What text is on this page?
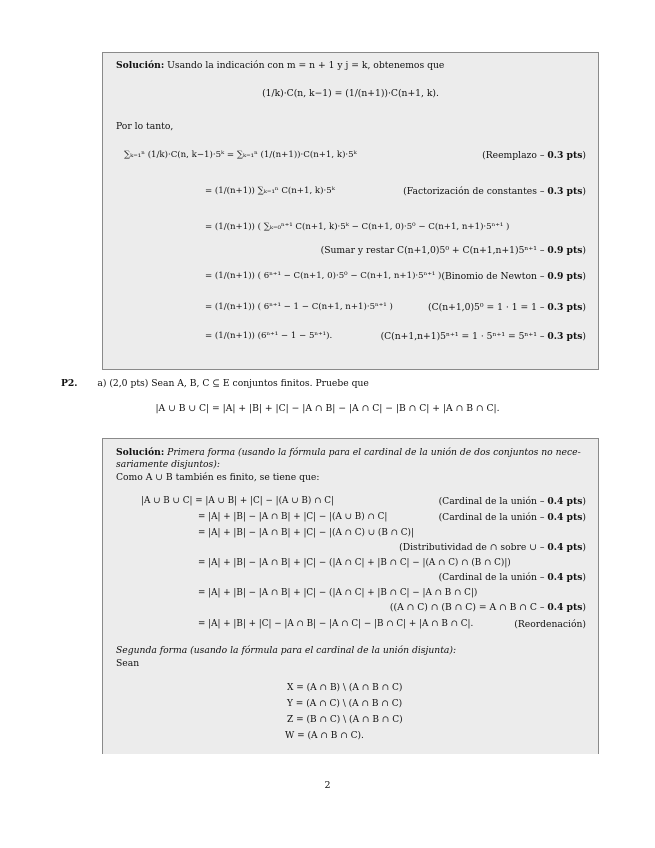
Solución: Usando la indicación con m = n + 1 y j = k, obtenemos que
(1/k)·C(n, k−1) = (1/(n+1))·C(n+1, k).
Por lo tanto,
∑ₖ₌₁ⁿ (1/k)·C(n, k−1)·5ᵏ = ∑ₖ₌₁ⁿ (1/(n+1))·C(n+1, k)·5ᵏ	(Reemplazo – 0.3 pts)
= (1/(n+1)) ∑ₖ₌₁ⁿ C(n+1, k)·5ᵏ	(Factorización de constantes – 0.3 pts)
= (1/(n+1)) ( ∑ₖ₌₀ⁿ⁺¹ C(n+1, k)·5ᵏ − C(n+1, 0)·5⁰ − C(n+1, n+1)·5ⁿ⁺¹ )
(Sumar y restar C(n+1,0)5⁰ + C(n+1,n+1)5ⁿ⁺¹ – 0.9 pts)
= (1/(n+1)) ( 6ⁿ⁺¹ − C(n+1, 0)·5⁰ − C(n+1, n+1)·5ⁿ⁺¹ ) (Binomio de Newton – 0.9 pts)
= (1/(n+1)) ( 6ⁿ⁺¹ − 1 − C(n+1, n+1)·5ⁿ⁺¹ )	(C(n+1,0)5⁰ = 1 · 1 = 1 – 0.3 pts)
= (1/(n+1)) (6ⁿ⁺¹ − 1 − 5ⁿ⁺¹).	(C(n+1,n+1)5ⁿ⁺¹ = 1 · 5ⁿ⁺¹ = 5ⁿ⁺¹ – 0.3 pts)
P2. a) (2,0 pts) Sean A, B, C ⊆ E conjuntos finitos. Pruebe que
|A ∪ B ∪ C| = |A| + |B| + |C| − |A ∩ B| − |A ∩ C| − |B ∩ C| + |A ∩ B ∩ C|.
Solución: Primera forma (usando la fórmula para el cardinal de la unión de dos conjuntos no nece-
sariamente disjuntos):
Como A ∪ B también es finito, se tiene que:
|A ∪ B ∪ C| = |A ∪ B| + |C| − |(A ∪ B) ∩ C|	(Cardinal de la unión – 0.4 pts)
= |A| + |B| − |A ∩ B| + |C| − |(A ∪ B) ∩ C|	(Cardinal de la unión – 0.4 pts)
= |A| + |B| − |A ∩ B| + |C| − |(A ∩ C) ∪ (B ∩ C)|
(Distributividad de ∩ sobre ∪ – 0.4 pts)
= |A| + |B| − |A ∩ B| + |C| − (|A ∩ C| + |B ∩ C| − |(A ∩ C) ∩ (B ∩ C)|)
(Cardinal de la unión – 0.4 pts)
= |A| + |B| − |A ∩ B| + |C| − (|A ∩ C| + |B ∩ C| − |A ∩ B ∩ C|)
((A ∩ C) ∩ (B ∩ C) = A ∩ B ∩ C – 0.4 pts)
= |A| + |B| + |C| − |A ∩ B| − |A ∩ C| − |B ∩ C| + |A ∩ B ∩ C|.	(Reordenación)
Segunda forma (usando la fórmula para el cardinal de la unión disjunta):
Sean
X = (A ∩ B) \ (A ∩ B ∩ C)
Y = (A ∩ C) \ (A ∩ B ∩ C)
Z = (B ∩ C) \ (A ∩ B ∩ C)
W = (A ∩ B ∩ C).
2
